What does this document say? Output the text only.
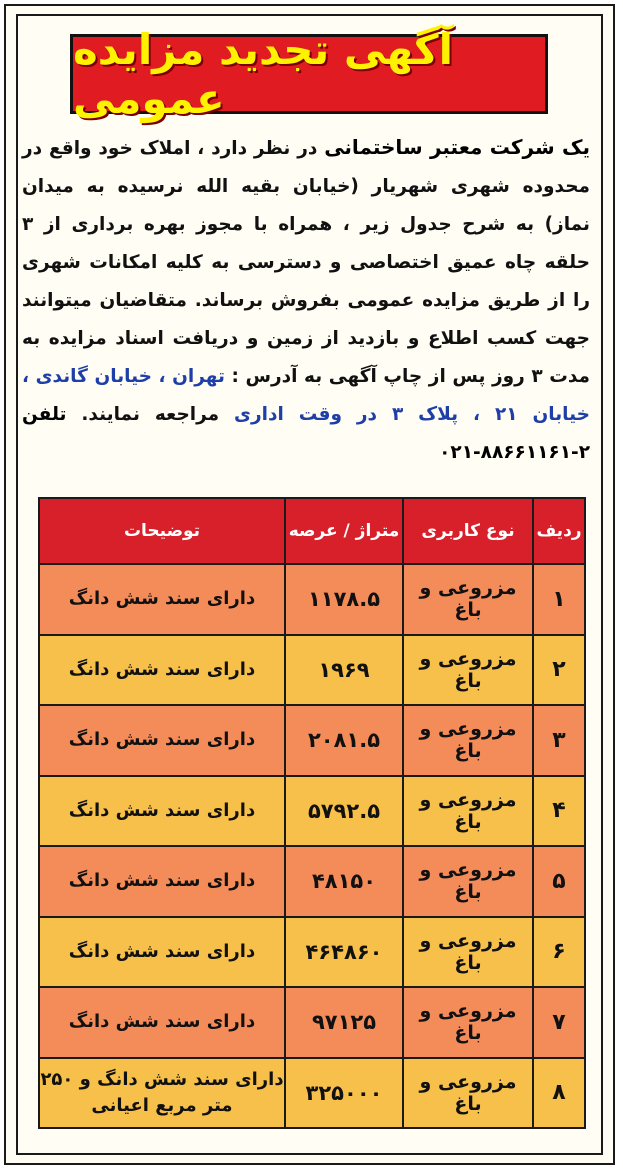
آگهی تجدید مزایده عمومی
یک شرکت معتبر ساختمانی در نظر دارد ، املاک خود واقع در محدوده شهری شهریار (خیابان بقیه الله نرسیده به میدان نماز) به شرح جدول زیر ، همراه با مجوز بهره برداری از ۳ حلقه چاه عمیق اختصاصی و دسترسی به کلیه امکانات شهری را از طریق مزایده عمومی بفروش برساند. متقاضیان میتوانند جهت کسب اطلاع و بازدید از زمین و دریافت اسناد مزایده به مدت ۳ روز پس از چاپ آگهی به آدرس : تهران ، خیابان گاندی ، خیابان ۲۱ ، پلاک ۳ در وقت اداری مراجعه نمایند. تلفن ۲-۸۸۶۶۱۱۶۱-۰۲۱
ردیف
نوع کاربری
متراژ / عرصه
توضیحات
۱
مزروعی و باغ
۱۱۷۸.۵
دارای سند شش دانگ
۲
مزروعی و باغ
۱۹۶۹
دارای سند شش دانگ
۳
مزروعی و باغ
۲۰۸۱.۵
دارای سند شش دانگ
۴
مزروعی و باغ
۵۷۹۲.۵
دارای سند شش دانگ
۵
مزروعی و باغ
۴۸۱۵۰
دارای سند شش دانگ
۶
مزروعی و باغ
۴۶۴۸۶۰
دارای سند شش دانگ
۷
مزروعی و باغ
۹۷۱۲۵
دارای سند شش دانگ
۸
مزروعی و باغ
۳۲۵۰۰۰
دارای سند شش دانگ و ۲۵۰ متر مربع اعیانی
